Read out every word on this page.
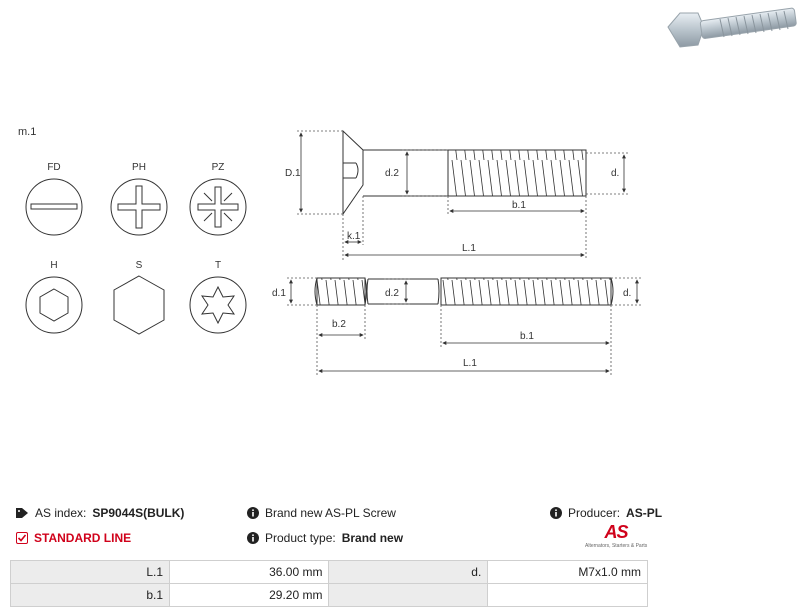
m.1
FD	PH	PZ
H	S	T
D.1	d.2	d.
b.1
k.1
L.1
d.1	d.2	d.
b.2
b.1
L.1
AS index: SP9044S(BULK)
STANDARD LINE
Brand new AS-PL Screw
Product type: Brand new
Producer: AS-PL
AS
Alternators, Starters & Parts
L.1	36.00 mm	d.	M7x1.0 mm
b.1	29.20 mm		
